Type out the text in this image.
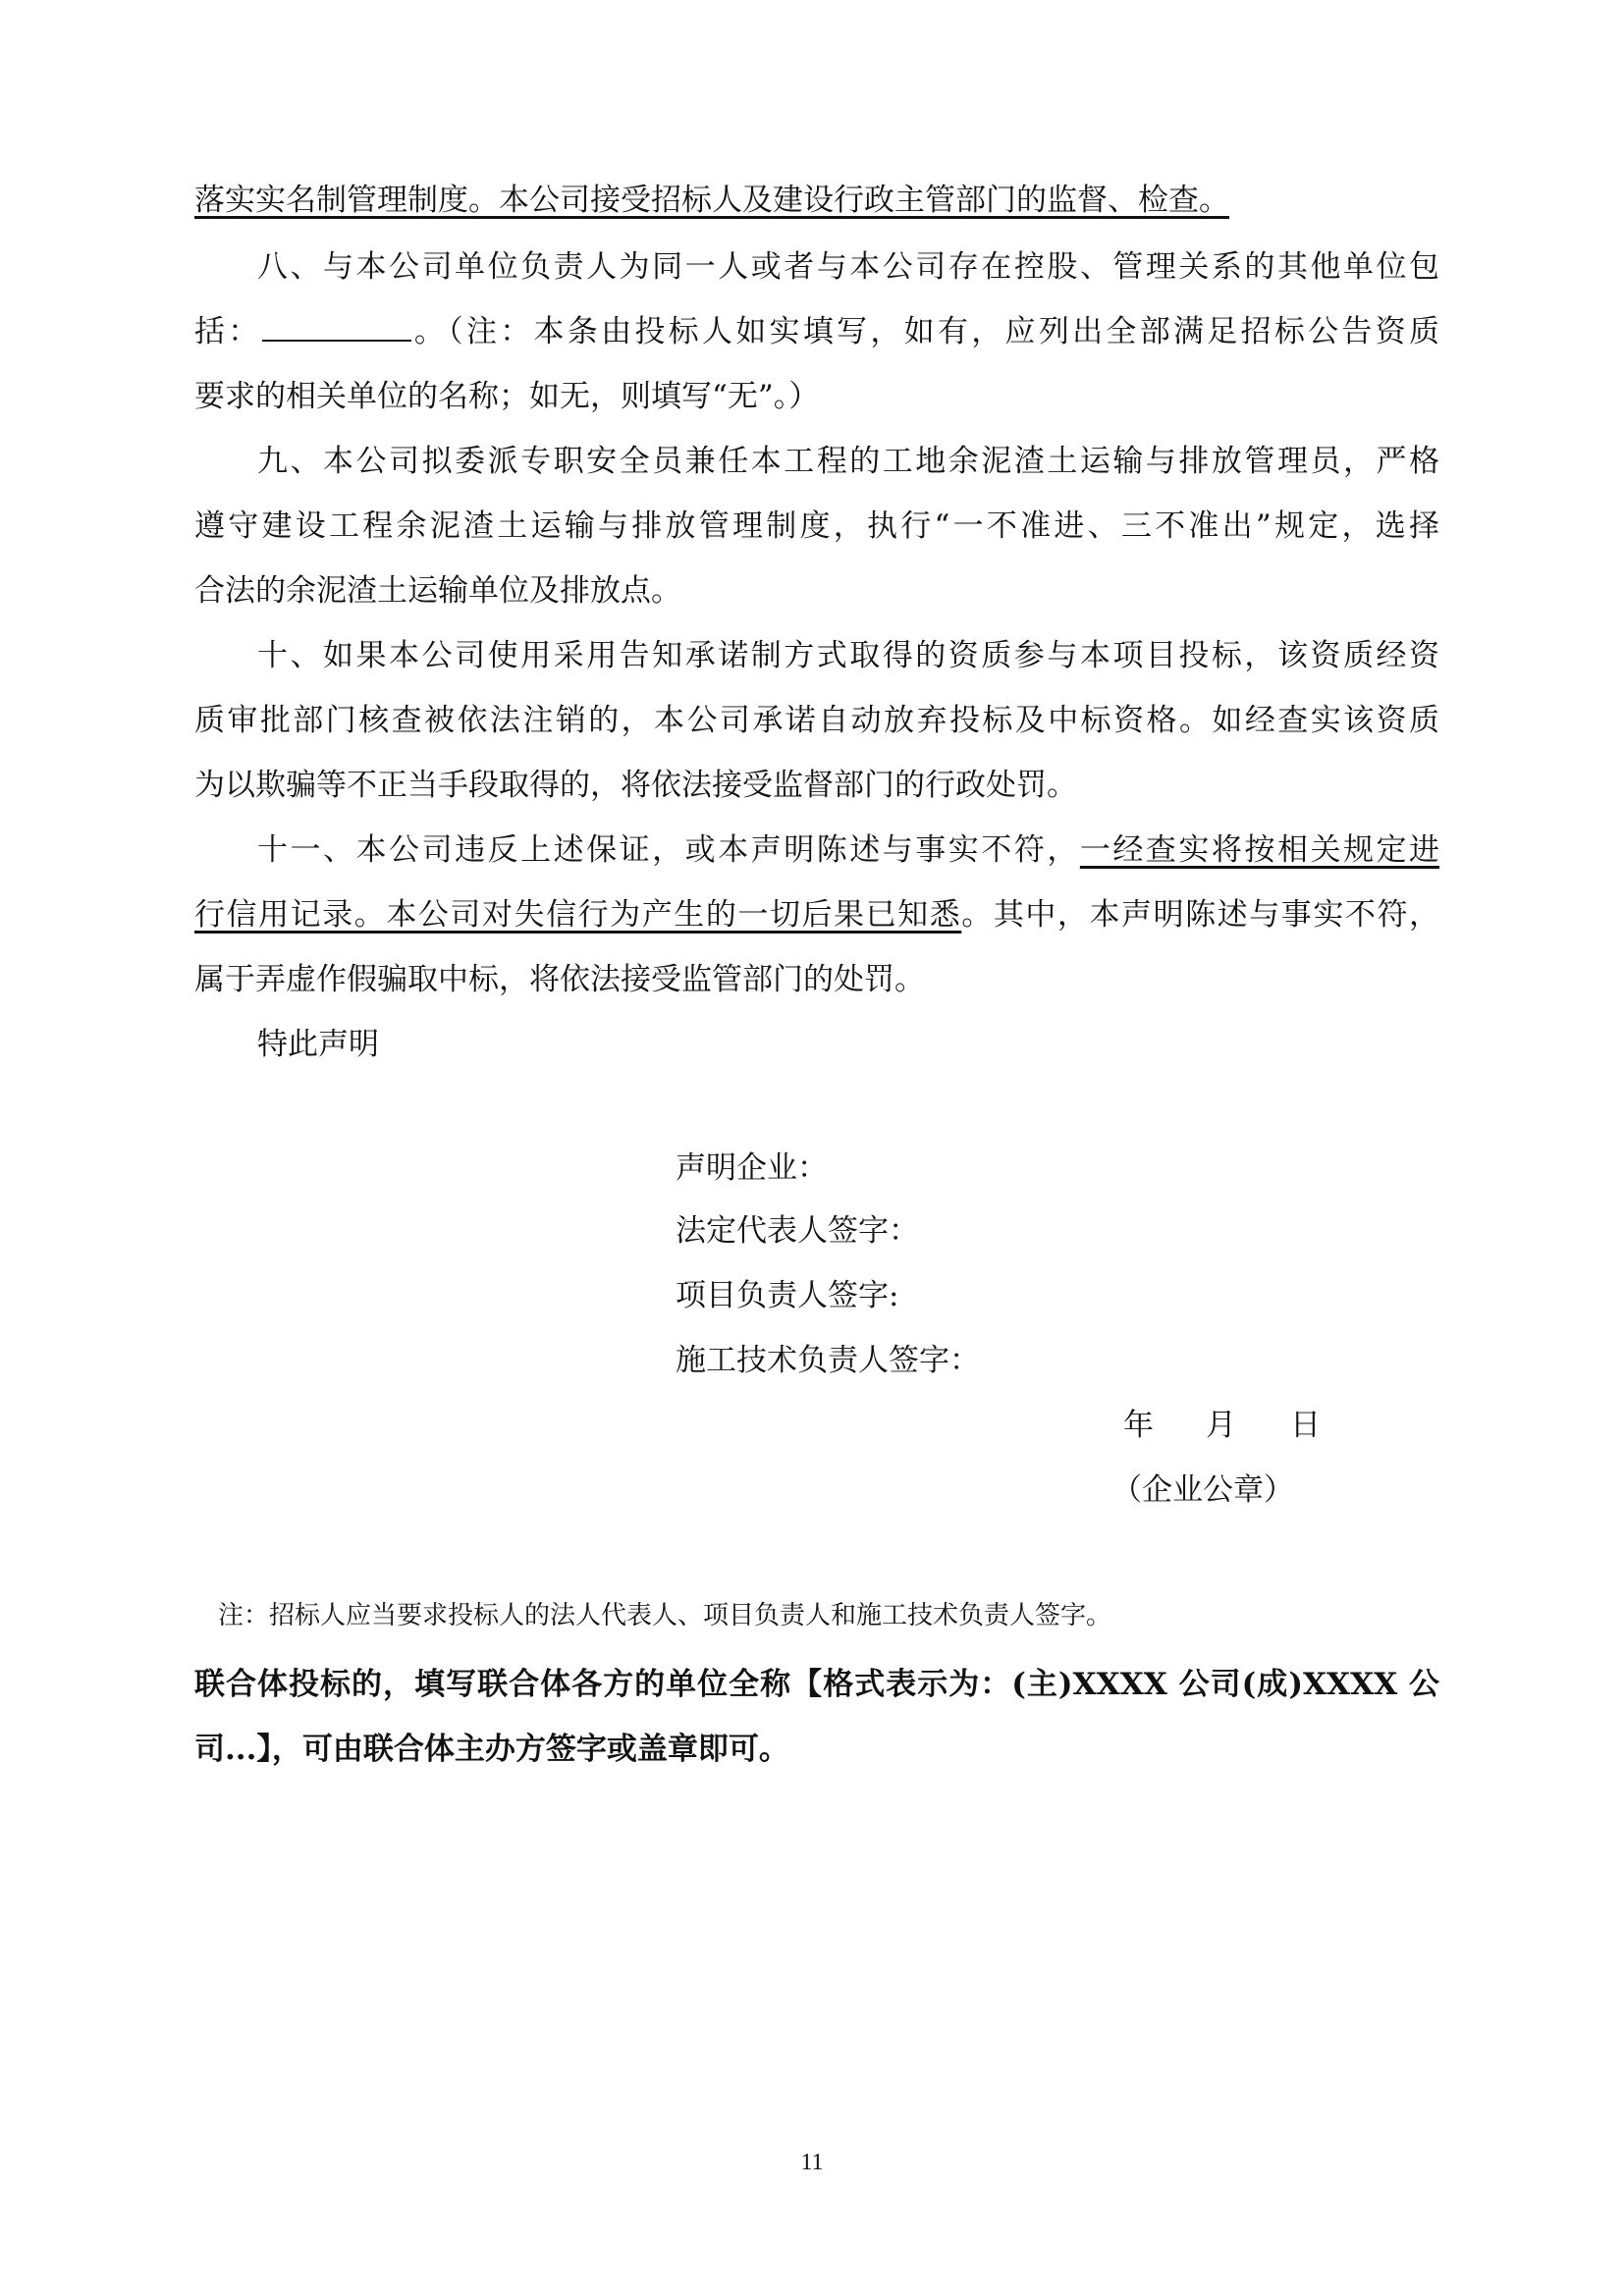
落实实名制管理制度。本公司接受招标人及建设行政主管部门的监督、检查。
八、与本公司单位负责人为同一人或者与本公司存在控股、管理关系的其他单位包
括：	。（注：本条由投标人如实填写，如有，应列出全部满足招标公告资质
要求的相关单位的名称；如无，则填写“无”。）
九、本公司拟委派专职安全员兼任本工程的工地余泥渣土运输与排放管理员，严格
遵守建设工程余泥渣土运输与排放管理制度，执行“一不准进、三不准出”规定，选择
合法的余泥渣土运输单位及排放点。
十、如果本公司使用采用告知承诺制方式取得的资质参与本项目投标，该资质经资
质审批部门核查被依法注销的，本公司承诺自动放弃投标及中标资格。如经查实该资质
为以欺骗等不正当手段取得的，将依法接受监督部门的行政处罚。
十一、本公司违反上述保证，或本声明陈述与事实不符，一经查实将按相关规定进
行信用记录。本公司对失信行为产生的一切后果已知悉。其中，本声明陈述与事实不符，
属于弄虚作假骗取中标，将依法接受监管部门的处罚。
特此声明
声明企业：
法定代表人签字：
项目负责人签字:
施工技术负责人签字：
年 月 日
（企业公章）
注：招标人应当要求投标人的法人代表人、项目负责人和施工技术负责人签字。
联合体投标的，填写联合体各方的单位全称【格式表示为：(主)XXXX 公司(成)XXXX 公
司...】，可由联合体主办方签字或盖章即可。
11
